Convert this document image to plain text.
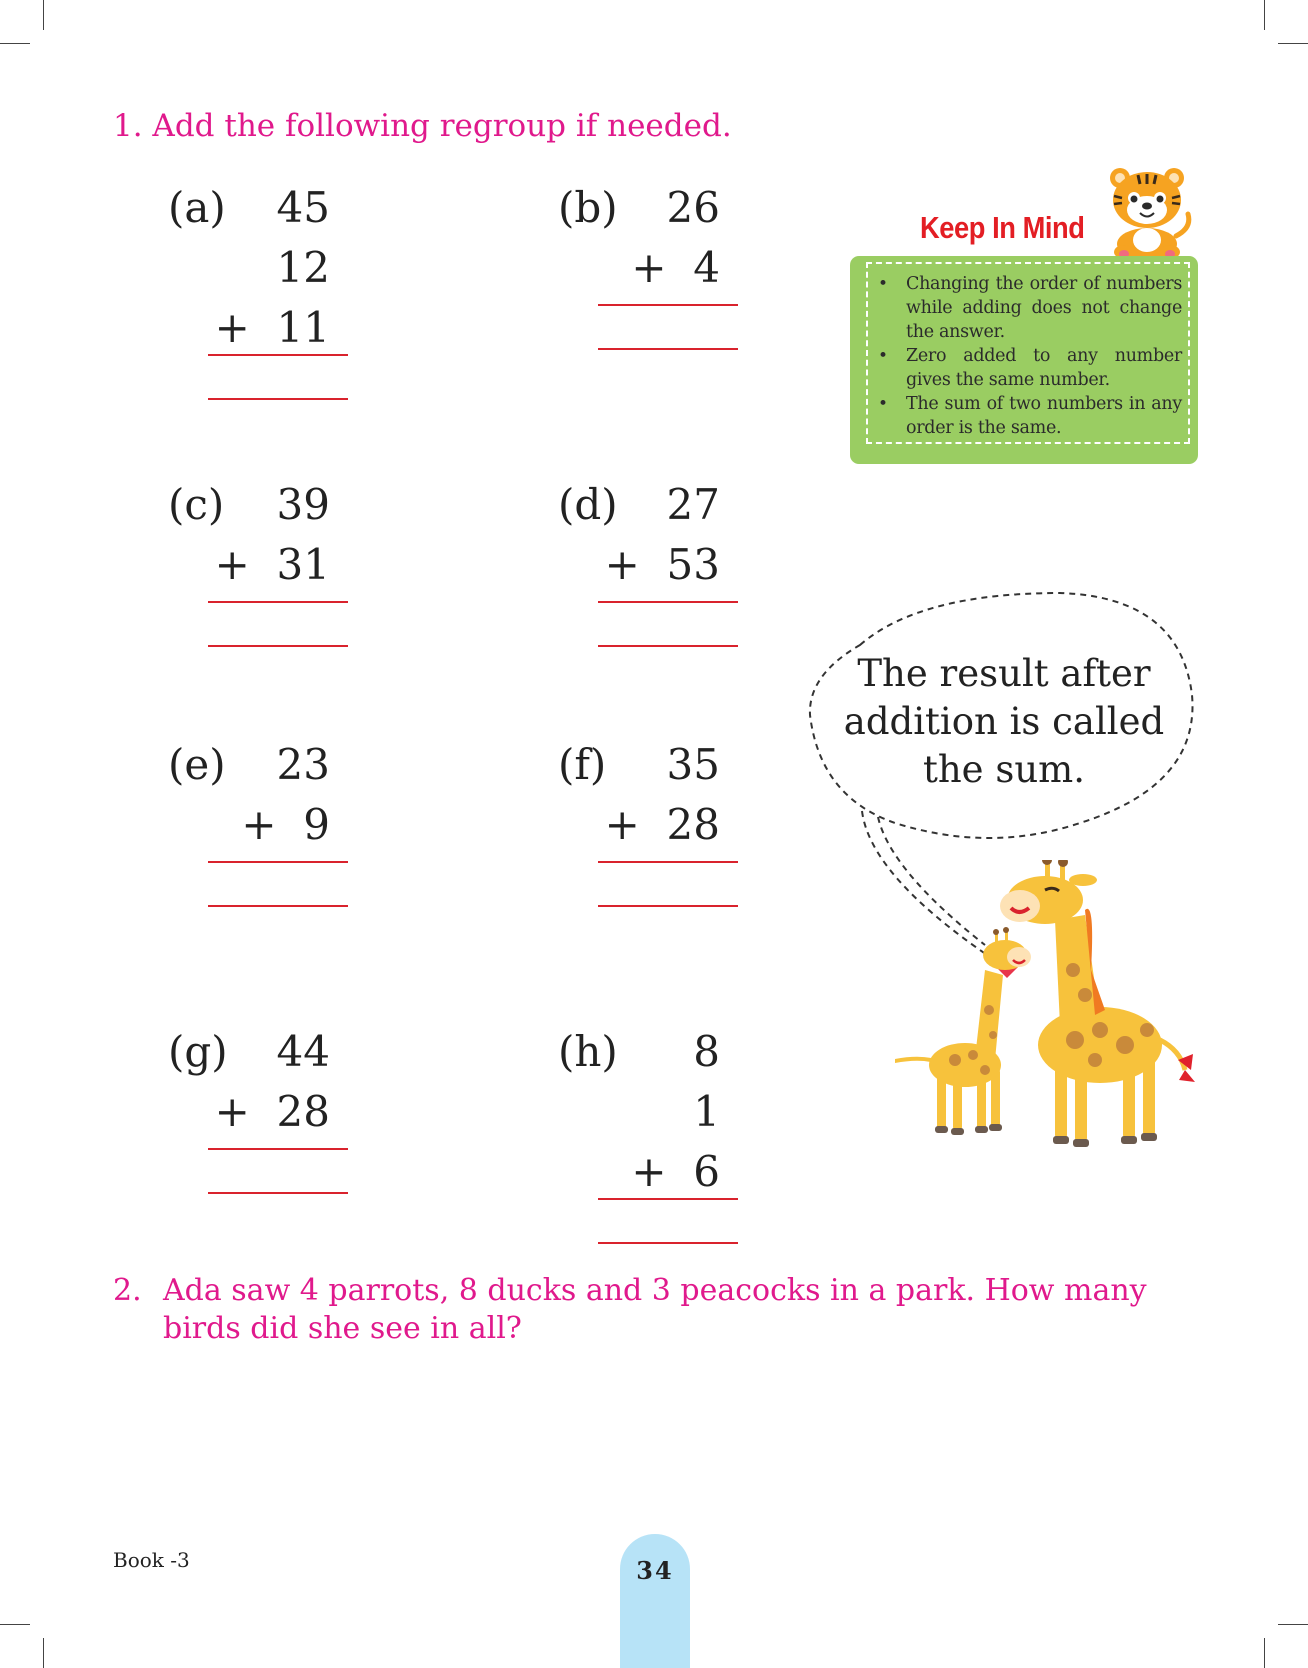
1. Add the following regroup if needed.
(a) 45
12
+  11
(b) 26
+  4
(c) 39
+  31
(d) 27
+  53
(e) 23
+  9
(f) 35
+  28
(g) 44
+  28
(h) 8
1
+  6
Keep In Mind
• Changing the order of numbers while adding does not change the answer.
• Zero added to any number gives the same number.
• The sum of two numbers in any order is the same.
The result after
addition is called
the sum.
2. Ada saw 4 parrots, 8 ducks and 3 peacocks in a park. How many birds did she see in all?
Book -3	34
